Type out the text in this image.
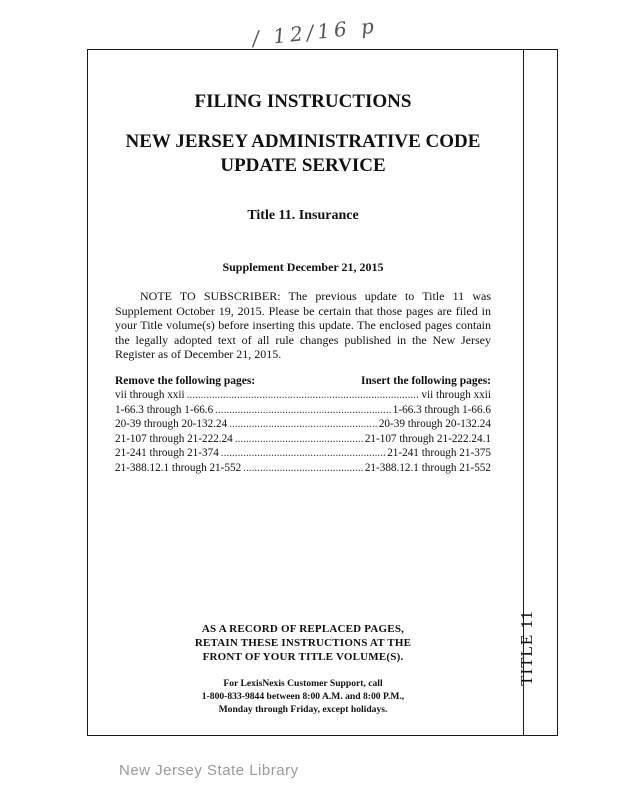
/ 12/16 p
TITLE 11

FILING INSTRUCTIONS

NEW JERSEY ADMINISTRATIVE CODE
UPDATE SERVICE

Title 11. Insurance

Supplement December 21, 2015

NOTE TO SUBSCRIBER: The previous update to Title 11 was Supplement October 19, 2015. Please be certain that those pages are filed in your Title volume(s) before inserting this update. The enclosed pages contain the legally adopted text of all rule changes published in the New Jersey Register as of December 21, 2015.

Remove the following pages:	Insert the following pages:
vii through xxii .....	vii through xxii
1-66.3 through 1-66.6 .....	1-66.3 through 1-66.6
20-39 through 20-132.24 .....	20-39 through 20-132.24
21-107 through 21-222.24 .....	21-107 through 21-222.24.1
21-241 through 21-374 .....	21-241 through 21-375
21-388.12.1 through 21-552 .....	21-388.12.1 through 21-552

AS A RECORD OF REPLACED PAGES,
RETAIN THESE INSTRUCTIONS AT THE
FRONT OF YOUR TITLE VOLUME(S).

For LexisNexis Customer Support, call
1-800-833-9844 between 8:00 A.M. and 8:00 P.M.,
Monday through Friday, except holidays.

New Jersey State Library
